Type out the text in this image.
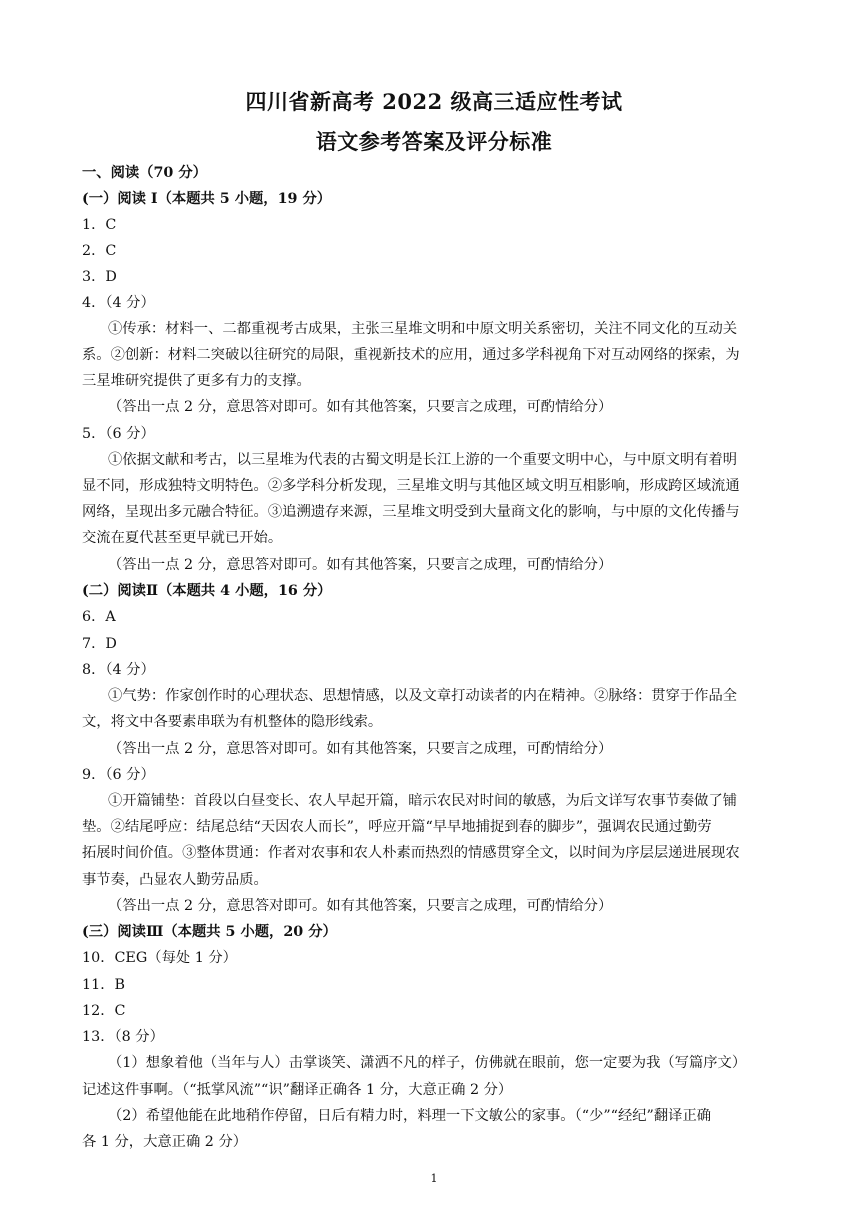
四川省新高考 2022 级高三适应性考试
语文参考答案及评分标准
一、阅读（70 分）
(一）阅读 I（本题共 5 小题，19 分）
1．C
2．C
3．D
4．（4 分）
①传承：材料一、二都重视考古成果，主张三星堆文明和中原文明关系密切，关注不同文化的互动关
系。②创新：材料二突破以往研究的局限，重视新技术的应用，通过多学科视角下对互动网络的探索，为
三星堆研究提供了更多有力的支撑。
（答出一点 2 分，意思答对即可。如有其他答案，只要言之成理，可酌情给分）
5．（6 分）
①依据文献和考古，以三星堆为代表的古蜀文明是长江上游的一个重要文明中心，与中原文明有着明
显不同，形成独特文明特色。②多学科分析发现，三星堆文明与其他区域文明互相影响，形成跨区域流通
网络，呈现出多元融合特征。③追溯遗存来源，三星堆文明受到大量商文化的影响，与中原的文化传播与
交流在夏代甚至更早就已开始。
（答出一点 2 分，意思答对即可。如有其他答案，只要言之成理，可酌情给分）
(二）阅读Ⅱ（本题共 4 小题，16 分）
6．A
7．D
8．（4 分）
①气势：作家创作时的心理状态、思想情感，以及文章打动读者的内在精神。②脉络：贯穿于作品全
文，将文中各要素串联为有机整体的隐形线索。
（答出一点 2 分，意思答对即可。如有其他答案，只要言之成理，可酌情给分）
9．（6 分）
①开篇铺垫：首段以白昼变长、农人早起开篇，暗示农民对时间的敏感，为后文详写农事节奏做了铺
垫。②结尾呼应：结尾总结“天因农人而长”，呼应开篇“早早地捕捉到春的脚步”，强调农民通过勤劳
拓展时间价值。③整体贯通：作者对农事和农人朴素而热烈的情感贯穿全文，以时间为序层层递进展现农
事节奏，凸显农人勤劳品质。
（答出一点 2 分，意思答对即可。如有其他答案，只要言之成理，可酌情给分）
(三）阅读Ⅲ（本题共 5 小题，20 分）
10．CEG（每处 1 分）
11．B
12．C
13．（8 分）
（1）想象着他（当年与人）击掌谈笑、潇洒不凡的样子，仿佛就在眼前，您一定要为我（写篇序文）
记述这件事啊。（“抵掌风流”“识”翻译正确各 1 分，大意正确 2 分）
（2）希望他能在此地稍作停留，日后有精力时，料理一下文敏公的家事。（“少”“经纪”翻译正确
各 1 分，大意正确 2 分）
1
